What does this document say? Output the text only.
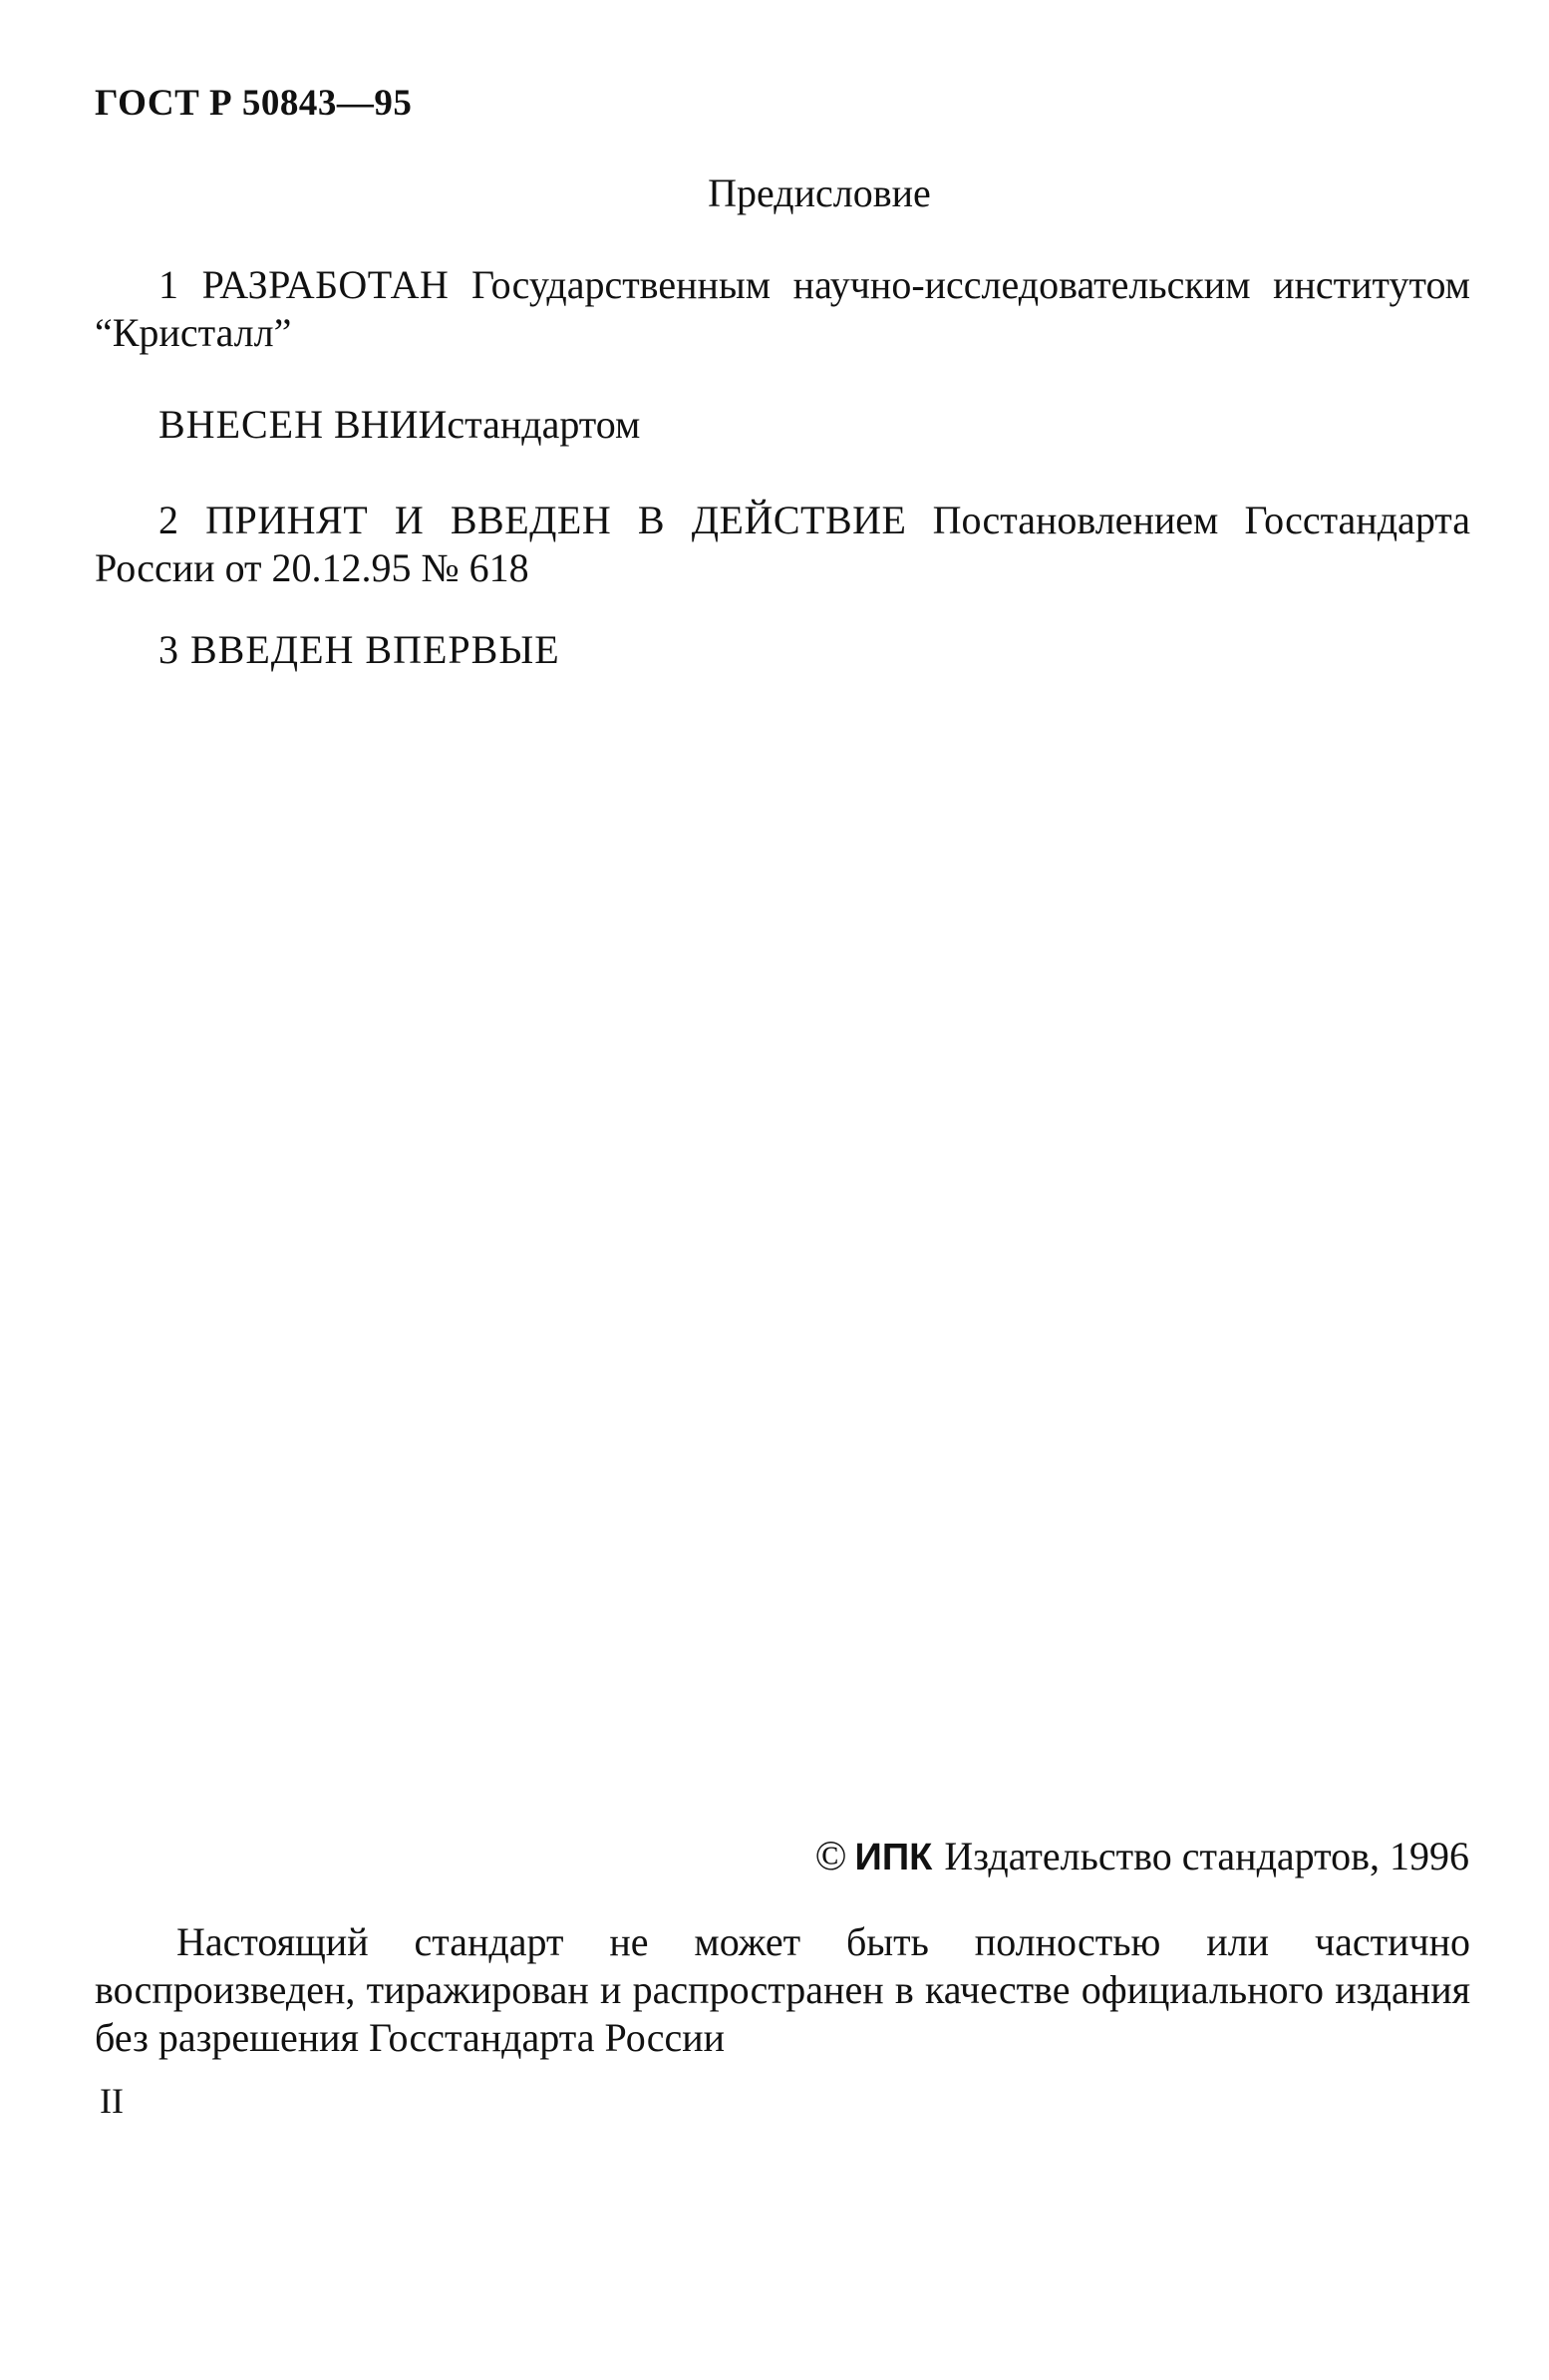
ГОСТ Р 50843—95
Предисловие

1 РАЗРАБОТАН Государственным научно-исследовательским институтом “Кристалл”

ВНЕСЕН ВНИИстандартом

2 ПРИНЯТ И ВВЕДЕН В ДЕЙСТВИЕ Постановлением Госстандарта России от 20.12.95 № 618

3 ВВЕДЕН ВПЕРВЫЕ

© ИПК Издательство стандартов, 1996

Настоящий стандарт не может быть полностью или частично воспроизведен, тиражирован и распространен в качестве официального издания без разрешения Госстандарта России

II
